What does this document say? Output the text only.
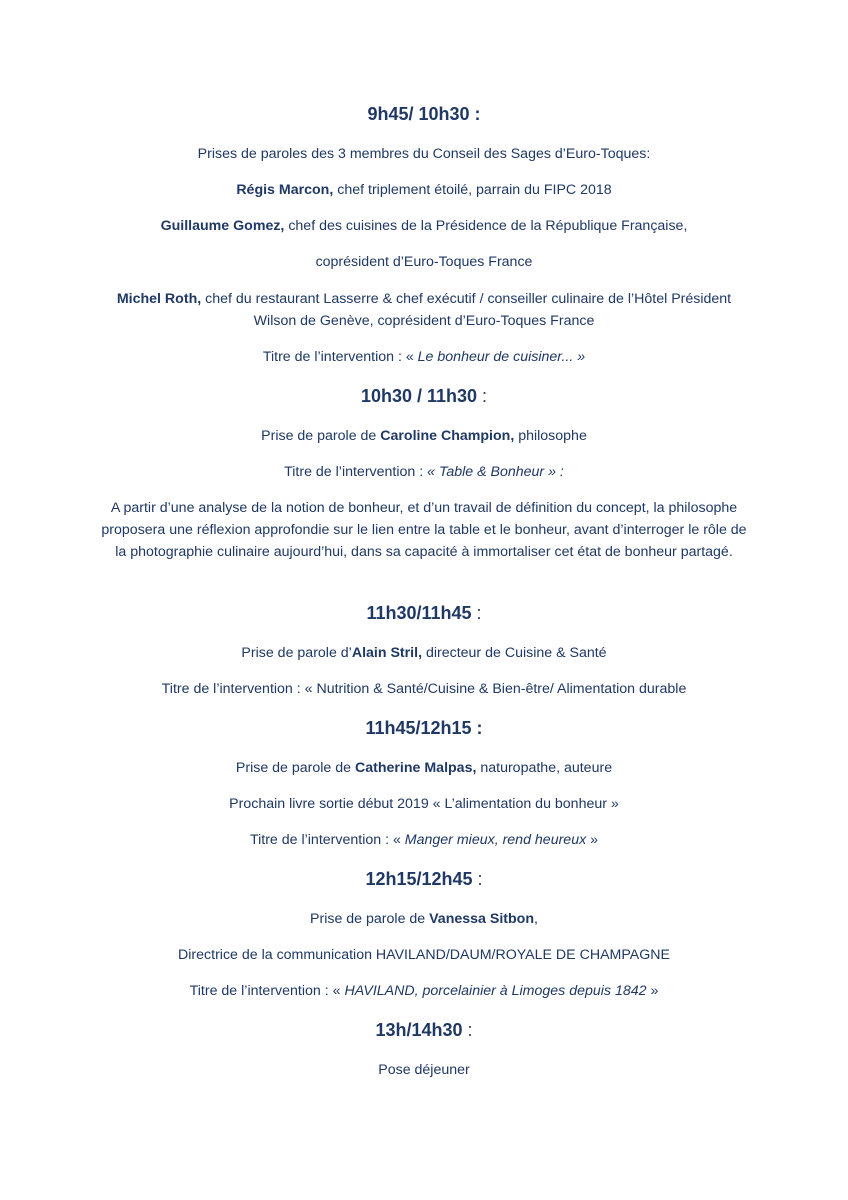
9h45/ 10h30 :
Prises de paroles des 3 membres du Conseil des Sages d’Euro-Toques:
Régis Marcon, chef triplement étoilé, parrain du FIPC 2018
Guillaume Gomez, chef des cuisines de la Présidence de la République Française,
coprésident d’Euro-Toques France
Michel Roth, chef du restaurant Lasserre & chef exécutif / conseiller culinaire de l’Hôtel Président
Wilson de Genève, coprésident d’Euro-Toques France
Titre de l’intervention : « Le bonheur de cuisiner... »
10h30 / 11h30 :
Prise de parole de Caroline Champion, philosophe
Titre de l’intervention : « Table & Bonheur » :
A partir d’une analyse de la notion de bonheur, et d’un travail de définition du concept, la philosophe proposera une réflexion approfondie sur le lien entre la table et le bonheur, avant d’interroger le rôle de la photographie culinaire aujourd’hui, dans sa capacité à immortaliser cet état de bonheur partagé.
11h30/11h45 :
Prise de parole d’Alain Stril, directeur de Cuisine & Santé
Titre de l’intervention : « Nutrition & Santé/Cuisine & Bien-être/ Alimentation durable
11h45/12h15 :
Prise de parole de Catherine Malpas, naturopathe, auteure
Prochain livre sortie début 2019 « L’alimentation du bonheur »
Titre de l’intervention : « Manger mieux, rend heureux »
12h15/12h45 :
Prise de parole de Vanessa Sitbon,
Directrice de la communication HAVILAND/DAUM/ROYALE DE CHAMPAGNE
Titre de l’intervention : « HAVILAND, porcelainier à Limoges depuis 1842 »
13h/14h30 :
Pose déjeuner
